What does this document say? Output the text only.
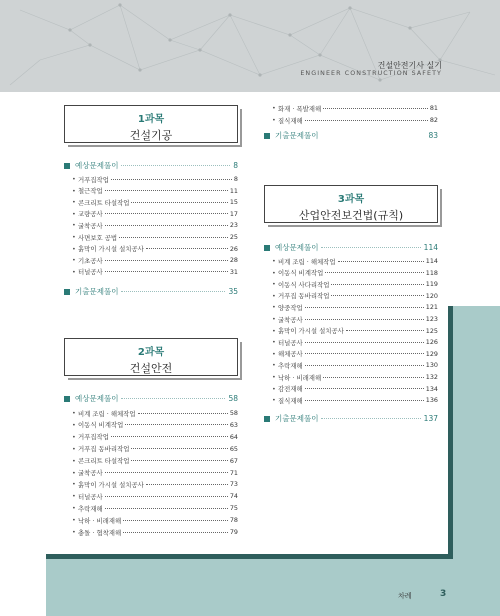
건설안전기사 실기
ENGINEER CONSTRUCTION SAFETY
1과목
건설기공
예상문제풀이	8
• 거푸집작업	8
• 철근작업	11
• 콘크리트 타설작업	15
• 교량공사	17
• 굴착공사	23
• 사면보호 공법	25
• 흙막이 가시설 설치공사	26
• 기초공사	28
• 터널공사	31
기출문제풀이	35
2과목
건설안전
예상문제풀이	58
• 비계 조립 · 해체작업	58
• 이동식 비계작업	63
• 거푸집작업	64
• 거푸집 동바리작업	65
• 콘크리트 타설작업	67
• 굴착공사	71
• 흙막이 가시설 설치공사	73
• 터널공사	74
• 추락재해	75
• 낙하 · 비래재해	78
• 충돌 · 협착재해	79
• 화재 · 폭발재해	81
• 질식재해	82
기출문제풀이	83
3과목
산업안전보건법(규칙)
예상문제풀이	114
• 비계 조립 · 해체작업	114
• 이동식 비계작업	118
• 이동식 사다리작업	119
• 거푸집 동바리작업	120
• 양중작업	121
• 굴착공사	123
• 흙막이 가시설 설치공사	125
• 터널공사	126
• 해체공사	129
• 추락재해	130
• 낙하 · 비래재해	132
• 감전재해	134
• 질식재해	136
기출문제풀이	137
차례	3
